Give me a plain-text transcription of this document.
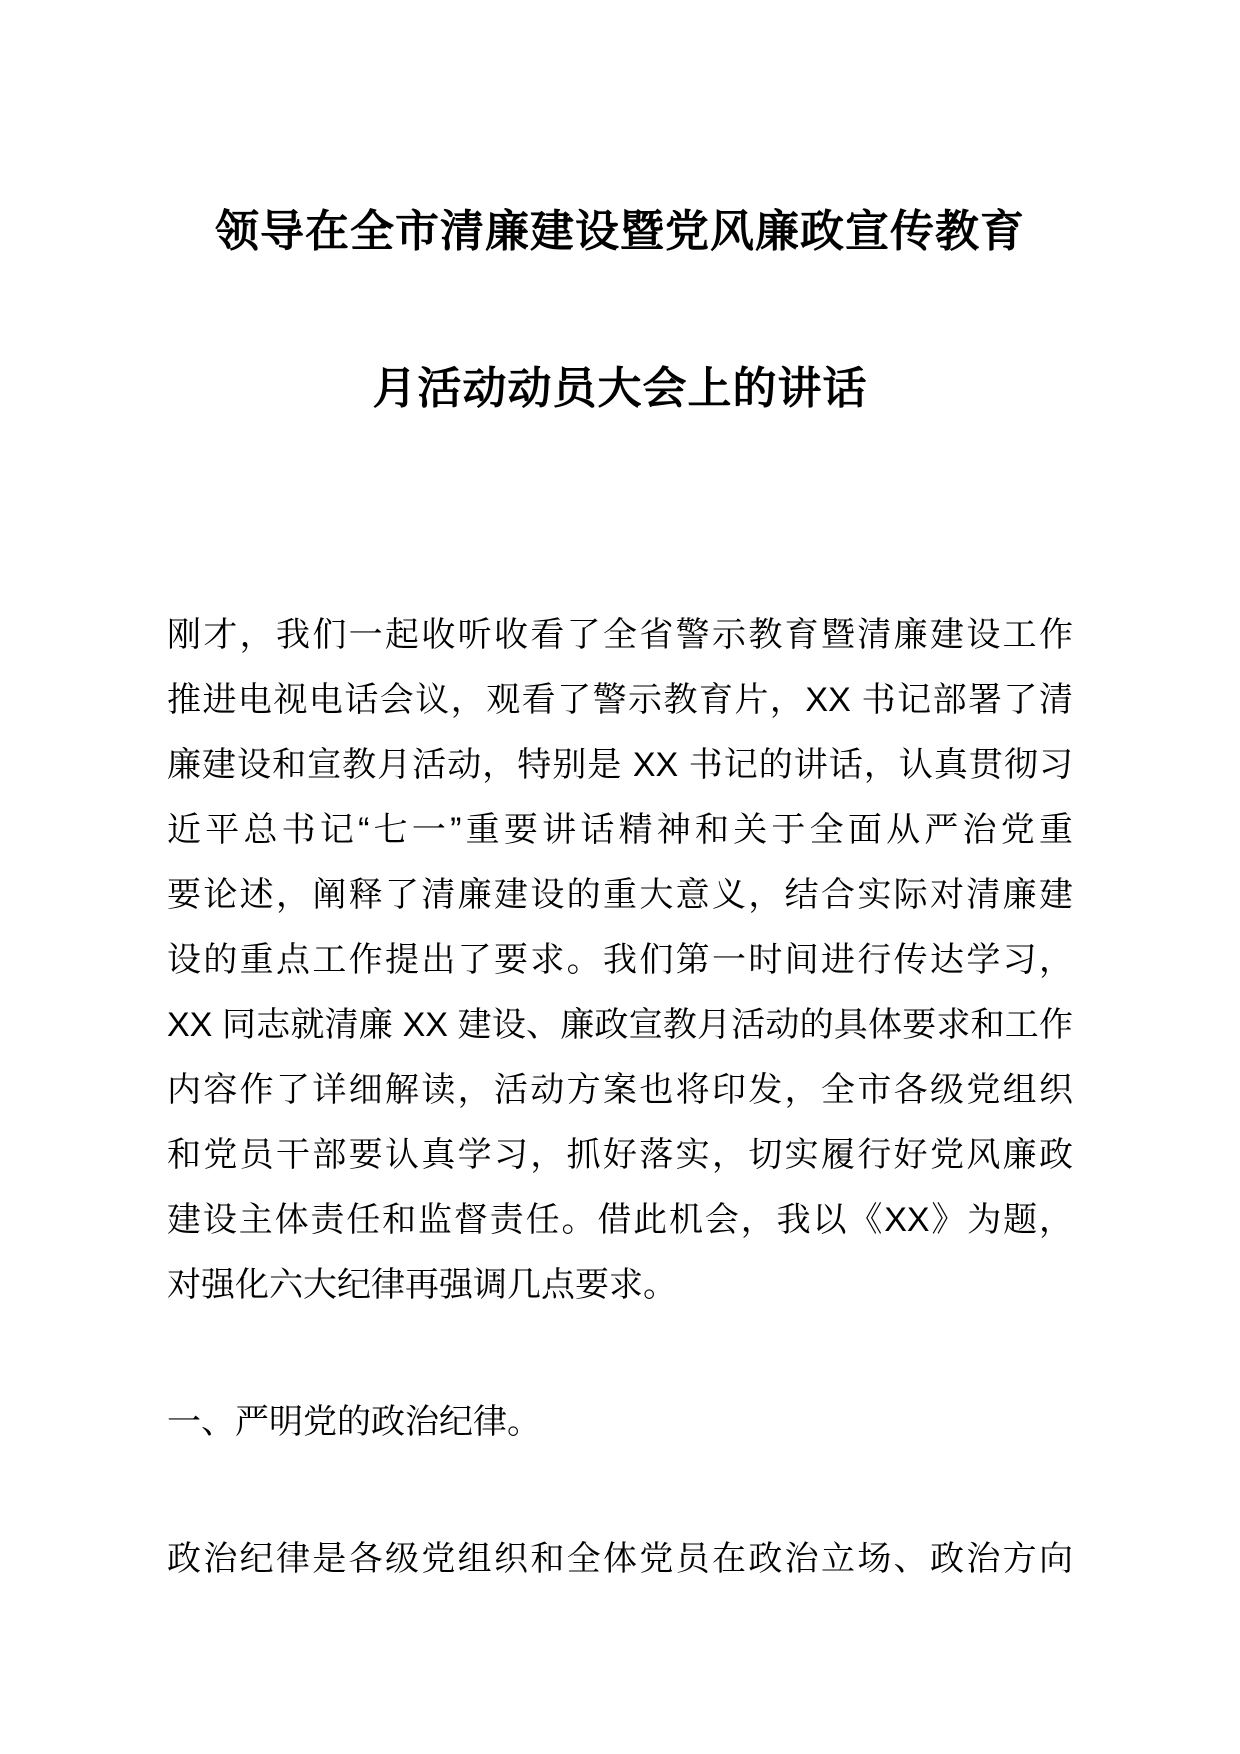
领导在全市清廉建设暨党风廉政宣传教育
月活动动员大会上的讲话
刚才，我们一起收听收看了全省警示教育暨清廉建设工作
推进电视电话会议，观看了警示教育片，XX 书记部署了清
廉建设和宣教月活动，特别是 XX 书记的讲话，认真贯彻习
近平总书记“七一”重要讲话精神和关于全面从严治党重
要论述，阐释了清廉建设的重大意义，结合实际对清廉建
设的重点工作提出了要求。我们第一时间进行传达学习，
XX 同志就清廉 XX 建设、廉政宣教月活动的具体要求和工作
内容作了详细解读，活动方案也将印发，全市各级党组织
和党员干部要认真学习，抓好落实，切实履行好党风廉政
建设主体责任和监督责任。借此机会，我以《XX》为题，
对强化六大纪律再强调几点要求。
一、严明党的政治纪律。
政治纪律是各级党组织和全体党员在政治立场、政治方向
